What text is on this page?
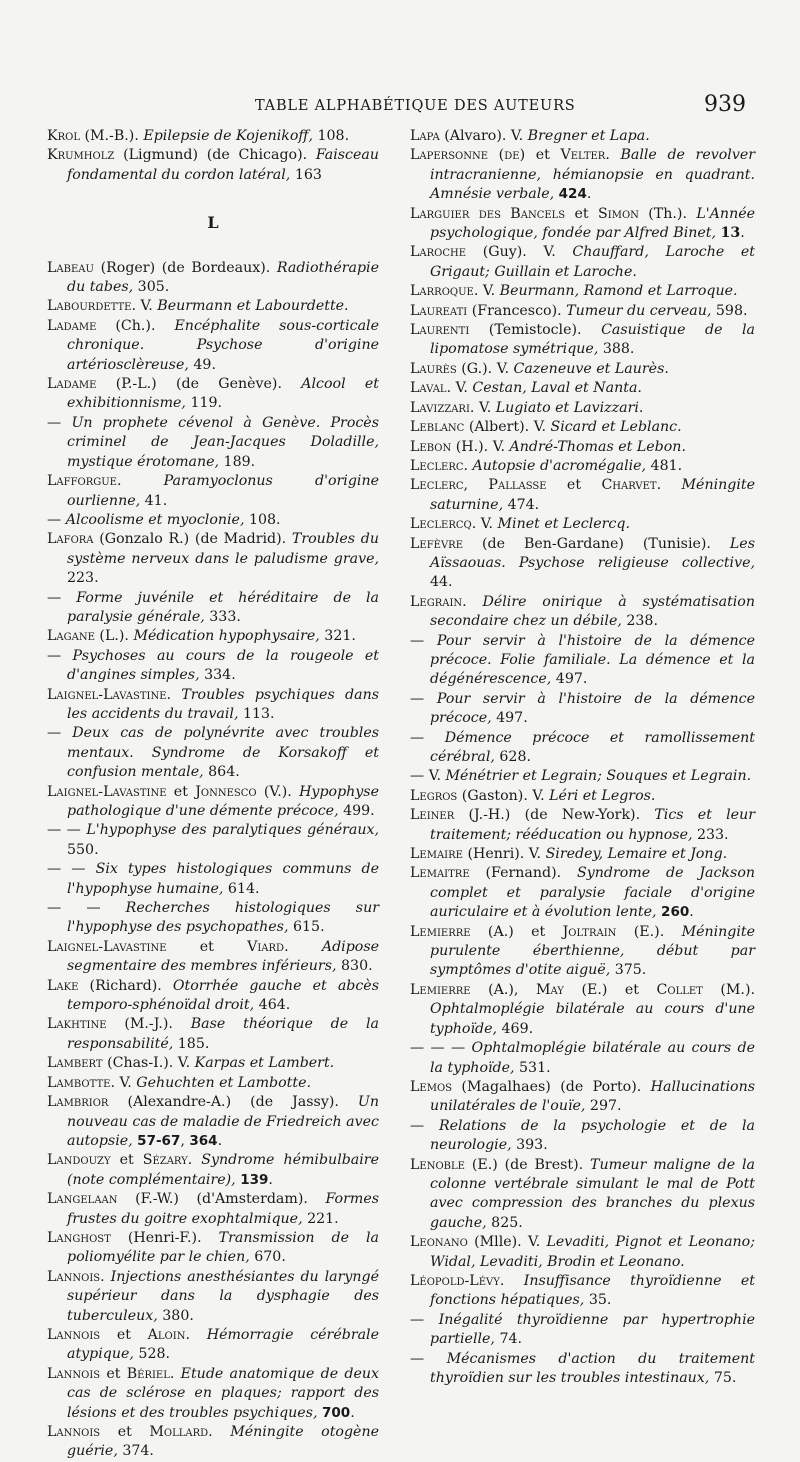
TABLE ALPHABÉTIQUE DES AUTEURS	939

Krol (M.-B.). Epilepsie de Kojenikoff, 108.

Krumholz (Ligmund) (de Chicago). Faisceau fondamental du cordon latéral, 163

L

Labeau (Roger) (de Bordeaux). Radiothérapie du tabes, 305.

Labourdette. V. Beurmann et Labourdette.

Ladame (Ch.). Encéphalite sous-corticale chronique. Psychose d'origine artériosclèreuse, 49.

Ladame (P.-L.) (de Genève). Alcool et exhibitionnisme, 119.

— Un prophete cévenol à Genève. Procès criminel de Jean-Jacques Doladille, mystique érotomane, 189.

Lafforgue. Paramyoclonus d'origine ourlienne, 41.

— Alcoolisme et myoclonie, 108.

Lafora (Gonzalo R.) (de Madrid). Troubles du système nerveux dans le paludisme grave, 223.

— Forme juvénile et héréditaire de la paralysie générale, 333.

Lagane (L.). Médication hypophysaire, 321.

— Psychoses au cours de la rougeole et d'angines simples, 334.

Laignel-Lavastine. Troubles psychiques dans les accidents du travail, 113.

— Deux cas de polynévrite avec troubles mentaux. Syndrome de Korsakoff et confusion mentale, 864.

Laignel-Lavastine et Jonnesco (V.). Hypophyse pathologique d'une démente précoce, 499.

— — L'hypophyse des paralytiques généraux, 550.

— — Six types histologiques communs de l'hypophyse humaine, 614.

— — Recherches histologiques sur l'hypophyse des psychopathes, 615.

Laignel-Lavastine et Viard. Adipose segmentaire des membres inférieurs, 830.

Lake (Richard). Otorrhée gauche et abcès temporo-sphénoïdal droit, 464.

Lakhtine (M.-J.). Base théorique de la responsabilité, 185.

Lambert (Chas-I.). V. Karpas et Lambert.

Lambotte. V. Gehuchten et Lambotte.

Lambrior (Alexandre-A.) (de Jassy). Un nouveau cas de maladie de Friedreich avec autopsie, 57-67, 364.

Landouzy et Sézary. Syndrome hémibulbaire (note complémentaire), 139.

Langelaan (F.-W.) (d'Amsterdam). Formes frustes du goitre exophtalmique, 221.

Langhost (Henri-F.). Transmission de la poliomyélite par le chien, 670.

Lannois. Injections anesthésiantes du laryngé supérieur dans la dysphagie des tuberculeux, 380.

Lannois et Aloin. Hémorragie cérébrale atypique, 528.

Lannois et Bériel. Etude anatomique de deux cas de sclérose en plaques; rapport des lésions et des troubles psychiques, 700.

Lannois et Mollard. Méningite otogène guérie, 374.

Lapa (Alvaro). V. Bregner et Lapa.

Lapersonne (de) et Velter. Balle de revolver intracranienne, hémianopsie en quadrant. Amnésie verbale, 424.

Larguier des Bancels et Simon (Th.). L'Année psychologique, fondée par Alfred Binet, 13.

Laroche (Guy). V. Chauffard, Laroche et Grigaut; Guillain et Laroche.

Larroque. V. Beurmann, Ramond et Larroque.

Laureati (Francesco). Tumeur du cerveau, 598.

Laurenti (Temistocle). Casuistique de la lipomatose symétrique, 388.

Laurès (G.). V. Cazeneuve et Laurès.

Laval. V. Cestan, Laval et Nanta.

Lavizzari. V. Lugiato et Lavizzari.

Leblanc (Albert). V. Sicard et Leblanc.

Lebon (H.). V. André-Thomas et Lebon.

Leclerc. Autopsie d'acromégalie, 481.

Leclerc, Pallasse et Charvet. Méningite saturnine, 474.

Leclercq. V. Minet et Leclercq.

Lefèvre (de Ben-Gardane) (Tunisie). Les Aïssaouas. Psychose religieuse collective, 44.

Legrain. Délire onirique à systématisation secondaire chez un débile, 238.

— Pour servir à l'histoire de la démence précoce. Folie familiale. La démence et la dégénérescence, 497.

— Pour servir à l'histoire de la démence précoce, 497.

— Démence précoce et ramollissement cérébral, 628.

— V. Ménétrier et Legrain; Souques et Legrain.

Legros (Gaston). V. Léri et Legros.

Leiner (J.-H.) (de New-York). Tics et leur traitement; rééducation ou hypnose, 233.

Lemaire (Henri). V. Siredey, Lemaire et Jong.

Lemaitre (Fernand). Syndrome de Jackson complet et paralysie faciale d'origine auriculaire et à évolution lente, 260.

Lemierre (A.) et Joltrain (E.). Méningite purulente éberthienne, début par symptômes d'otite aiguë, 375.

Lemierre (A.), May (E.) et Collet (M.). Ophtalmoplégie bilatérale au cours d'une typhoïde, 469.

— — — Ophtalmoplégie bilatérale au cours de la typhoïde, 531.

Lemos (Magalhaes) (de Porto). Hallucinations unilatérales de l'ouïe, 297.

— Relations de la psychologie et de la neurologie, 393.

Lenoble (E.) (de Brest). Tumeur maligne de la colonne vertébrale simulant le mal de Pott avec compression des branches du plexus gauche, 825.

Leonano (Mlle). V. Levaditi, Pignot et Leonano; Widal, Levaditi, Brodin et Leonano.

Léopold-Lévy. Insuffisance thyroïdienne et fonctions hépatiques, 35.

— Inégalité thyroïdienne par hypertrophie partielle, 74.

— Mécanismes d'action du traitement thyroïdien sur les troubles intestinaux, 75.
